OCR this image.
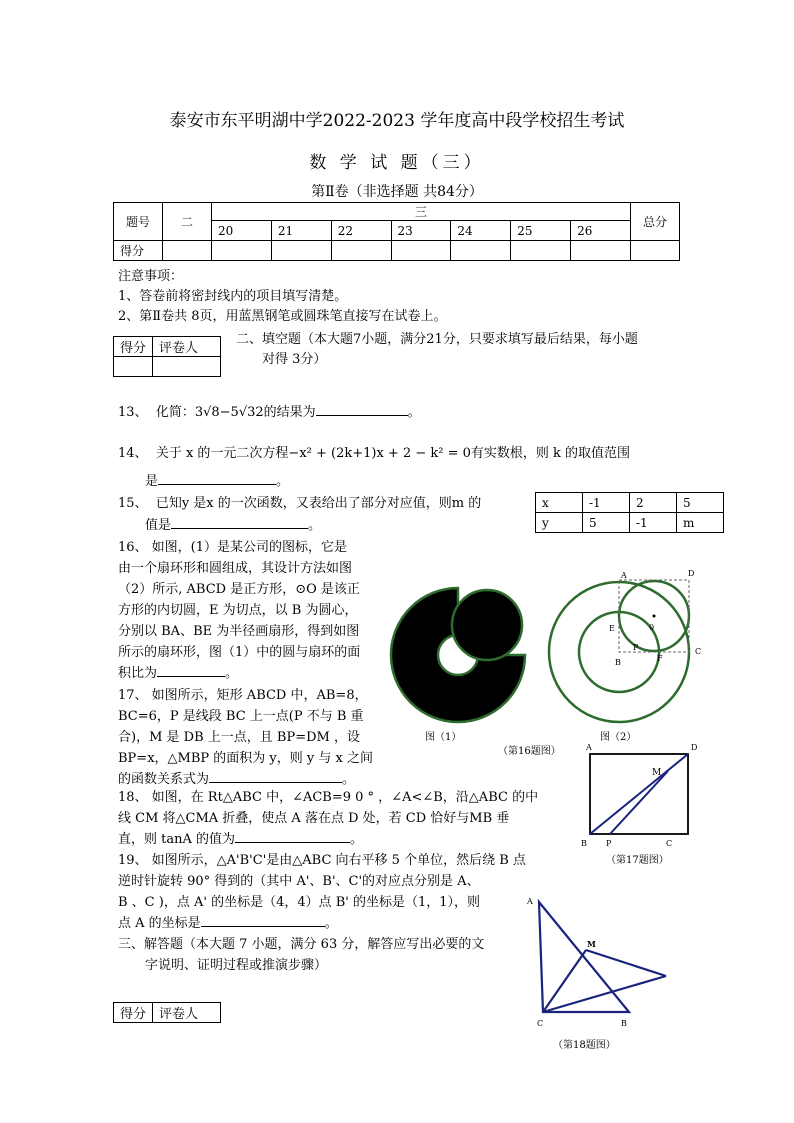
泰安市东平明湖中学2022-2023 学年度高中段学校招生考试
数 学 试 题（三）
第Ⅱ卷（非选择题 共84分）
题号	二	三							总分
		20	21	22	23	24	25	26	
得分									
注意事项：
1、答卷前将密封线内的项目填写清楚。
2、第Ⅱ卷共 8页，用蓝黑钢笔或圆珠笔直接写在试卷上。
得分	评卷人

二、填空题（本大题7小题，满分21分，只要求填写最后结果，每小题
对得 3分）
13、 化简：3√8−5√32的结果为	。
14、 关于 x 的一元二次方程−x² + (2k+1)x + 2 − k² = 0有实数根，则 k 的取值范围
是	。
15、 已知y 是x 的一次函数，又表给出了部分对应值，则m 的
值是	。
x	-1	2	5
y	5	-1	m
16、 如图，(1）是某公司的图标，它是
由一个扇环形和圆组成，其设计方法如图
（2）所示, ABCD 是正方形，⊙O 是该正
方形的内切圆，E 为切点，以 B 为圆心，
分别以 BA、BE 为半径画扇形，得到如图
所示的扇环形，图（1）中的圆与扇环的面
积比为	。
17、 如图所示，矩形 ABCD 中，AB=8，
BC=6，P 是线段 BC 上一点(P 不与 B 重
合)，M 是 DB 上一点，且 BP=DM ，设
BP=x，△MBP 的面积为 y，则 y 与 x 之间
的函数关系式为	。
18、 如图，在 Rt△ABC 中，∠ACB=9 0 ° ，∠A<∠B，沿△ABC 的中
线 CM 将△CMA 折叠，使点 A 落在点 D 处，若 CD 恰好与MB 垂
直，则 tanA 的值为	。
19、 如图所示，△A'B'C'是由△ABC 向右平移 5 个单位，然后绕 B 点
逆时针旋转 90° 得到的（其中 A'、B'、C'的对应点分别是 A、
B 、C )，点 A' 的坐标是（4，4）点 B' 的坐标是（1，1），则
点 A 的坐标是	。
三、解答题（本大题 7 小题，满分 63 分，解答应写出必要的文
字说明、证明过程或推演步骤）
得分	评卷人
图（1）
（第16题图）
A	D
0
E
B
P
F
C
图（2）
A	D
M
B P	C
（第17题图）
A
M
C	B
（第18题图）
